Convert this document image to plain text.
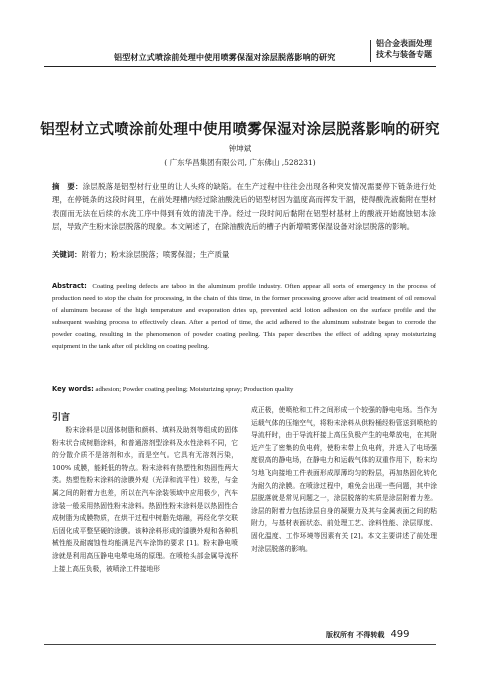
铝型材立式喷涂前处理中使用喷雾保湿对涂层脱落影响的研究
铝合金表面处理
技术与装备专题
铝型材立式喷涂前处理中使用喷雾保湿对涂层脱落影响的研究
钟坤斌
( 广东华昌集团有限公司, 广东佛山 ,528231)
摘　要：涂层脱落是铝型材行业里的让人头疼的缺陷。在生产过程中往往会出现各种突发情况需要停下链条进行处理，在停链条的这段时间里，在前处理槽内经过除油酸洗后的铝型材因为温度高而挥发干涸，使得酸洗液黏附在型材表面而无法在后续的水洗工序中得到有效的清洗干净。经过一段时间后黏附在铝型材基材上的酸液开始腐蚀铝本涂层，导致产生粉末涂层脱落的现象。本文阐述了，在除油酸洗后的槽子内新增喷雾保湿设备对涂层脱落的影响。
关键词：附着力；粉末涂层脱落；喷雾保湿；生产质量
Abstract: Coating peeling defects are taboo in the aluminum profile industry. Often appear all sorts of emergency in the process of production need to stop the chain for processing, in the chain of this time, in the former processing groove after acid treatment of oil removal of aluminum because of the high temperature and evaporation dries up, prevented acid lotion adhesion on the surface profile and the subsequent washing process to effectively clean. After a period of time, the acid adhered to the aluminum substrate began to corrode the powder coating, resulting in the phenomenon of powder coating peeling. This paper describes the effect of adding spray moisturizing equipment in the tank after oil pickling on coating peeling.
Key words: adhesion; Powder coating peeling; Moisturizing spray; Production quality
引言

粉末涂料是以固体树脂和颜料、填料及助剂等组成的固体粉末状合成树脂涂料，和普通溶剂型涂料及水性涂料不同，它的分散介质不是溶剂和水，而是空气。它具有无溶剂污染，100% 成膜，能耗低的特点。粉末涂料有热塑性和热固性两大类。热塑性粉末涂料的涂膜外观（光泽和流平性）较差，与金属之间的附着力也差，所以在汽车涂装领域中应用极少，汽车涂装一般采用热固性粉末涂料。热固性粉末涂料是以热固性合成树脂为成膜物质，在烘干过程中树脂先熔融，再经化学交联后固化成平整坚硬的涂膜。该种涂料形成的漆膜外观和各种机械性能及耐腐蚀性均能满足汽车涂饰的要求 [1]。粉末静电喷涂就是利用高压静电电晕电场的原理。在喷枪头部金属导流杯上接上高压负极，被喷涂工件接地形

成正极，使喷枪和工件之间形成一个较强的静电电场。当作为运载气体的压缩空气，将粉末涂料从供粉桶经粉管送到喷枪的导流杆时，由于导流杆接上高压负极产生的电晕放电，在其附近产生了密集的负电荷，使粉末带上负电荷，并进入了电场强度很高的静电场，在静电力和运载气体的双重作用下，粉末均匀地飞向接地工件表面形成厚薄均匀的粉层，再加热固化转化为耐久的涂膜。在喷涂过程中，难免会出现一些问题，其中涂层脱落就是常见问题之一，涂层脱落的实质是涂层附着力差。涂层的附着力包括涂层自身的凝聚力及其与金属表面之间的粘附力，与基材表面状态、前处理工艺、涂料性能、涂层厚度、固化温度、工作环境等因素有关 [2]。本文主要讲述了前处理对涂层脱落的影响。

版权所有 不得转载 499
